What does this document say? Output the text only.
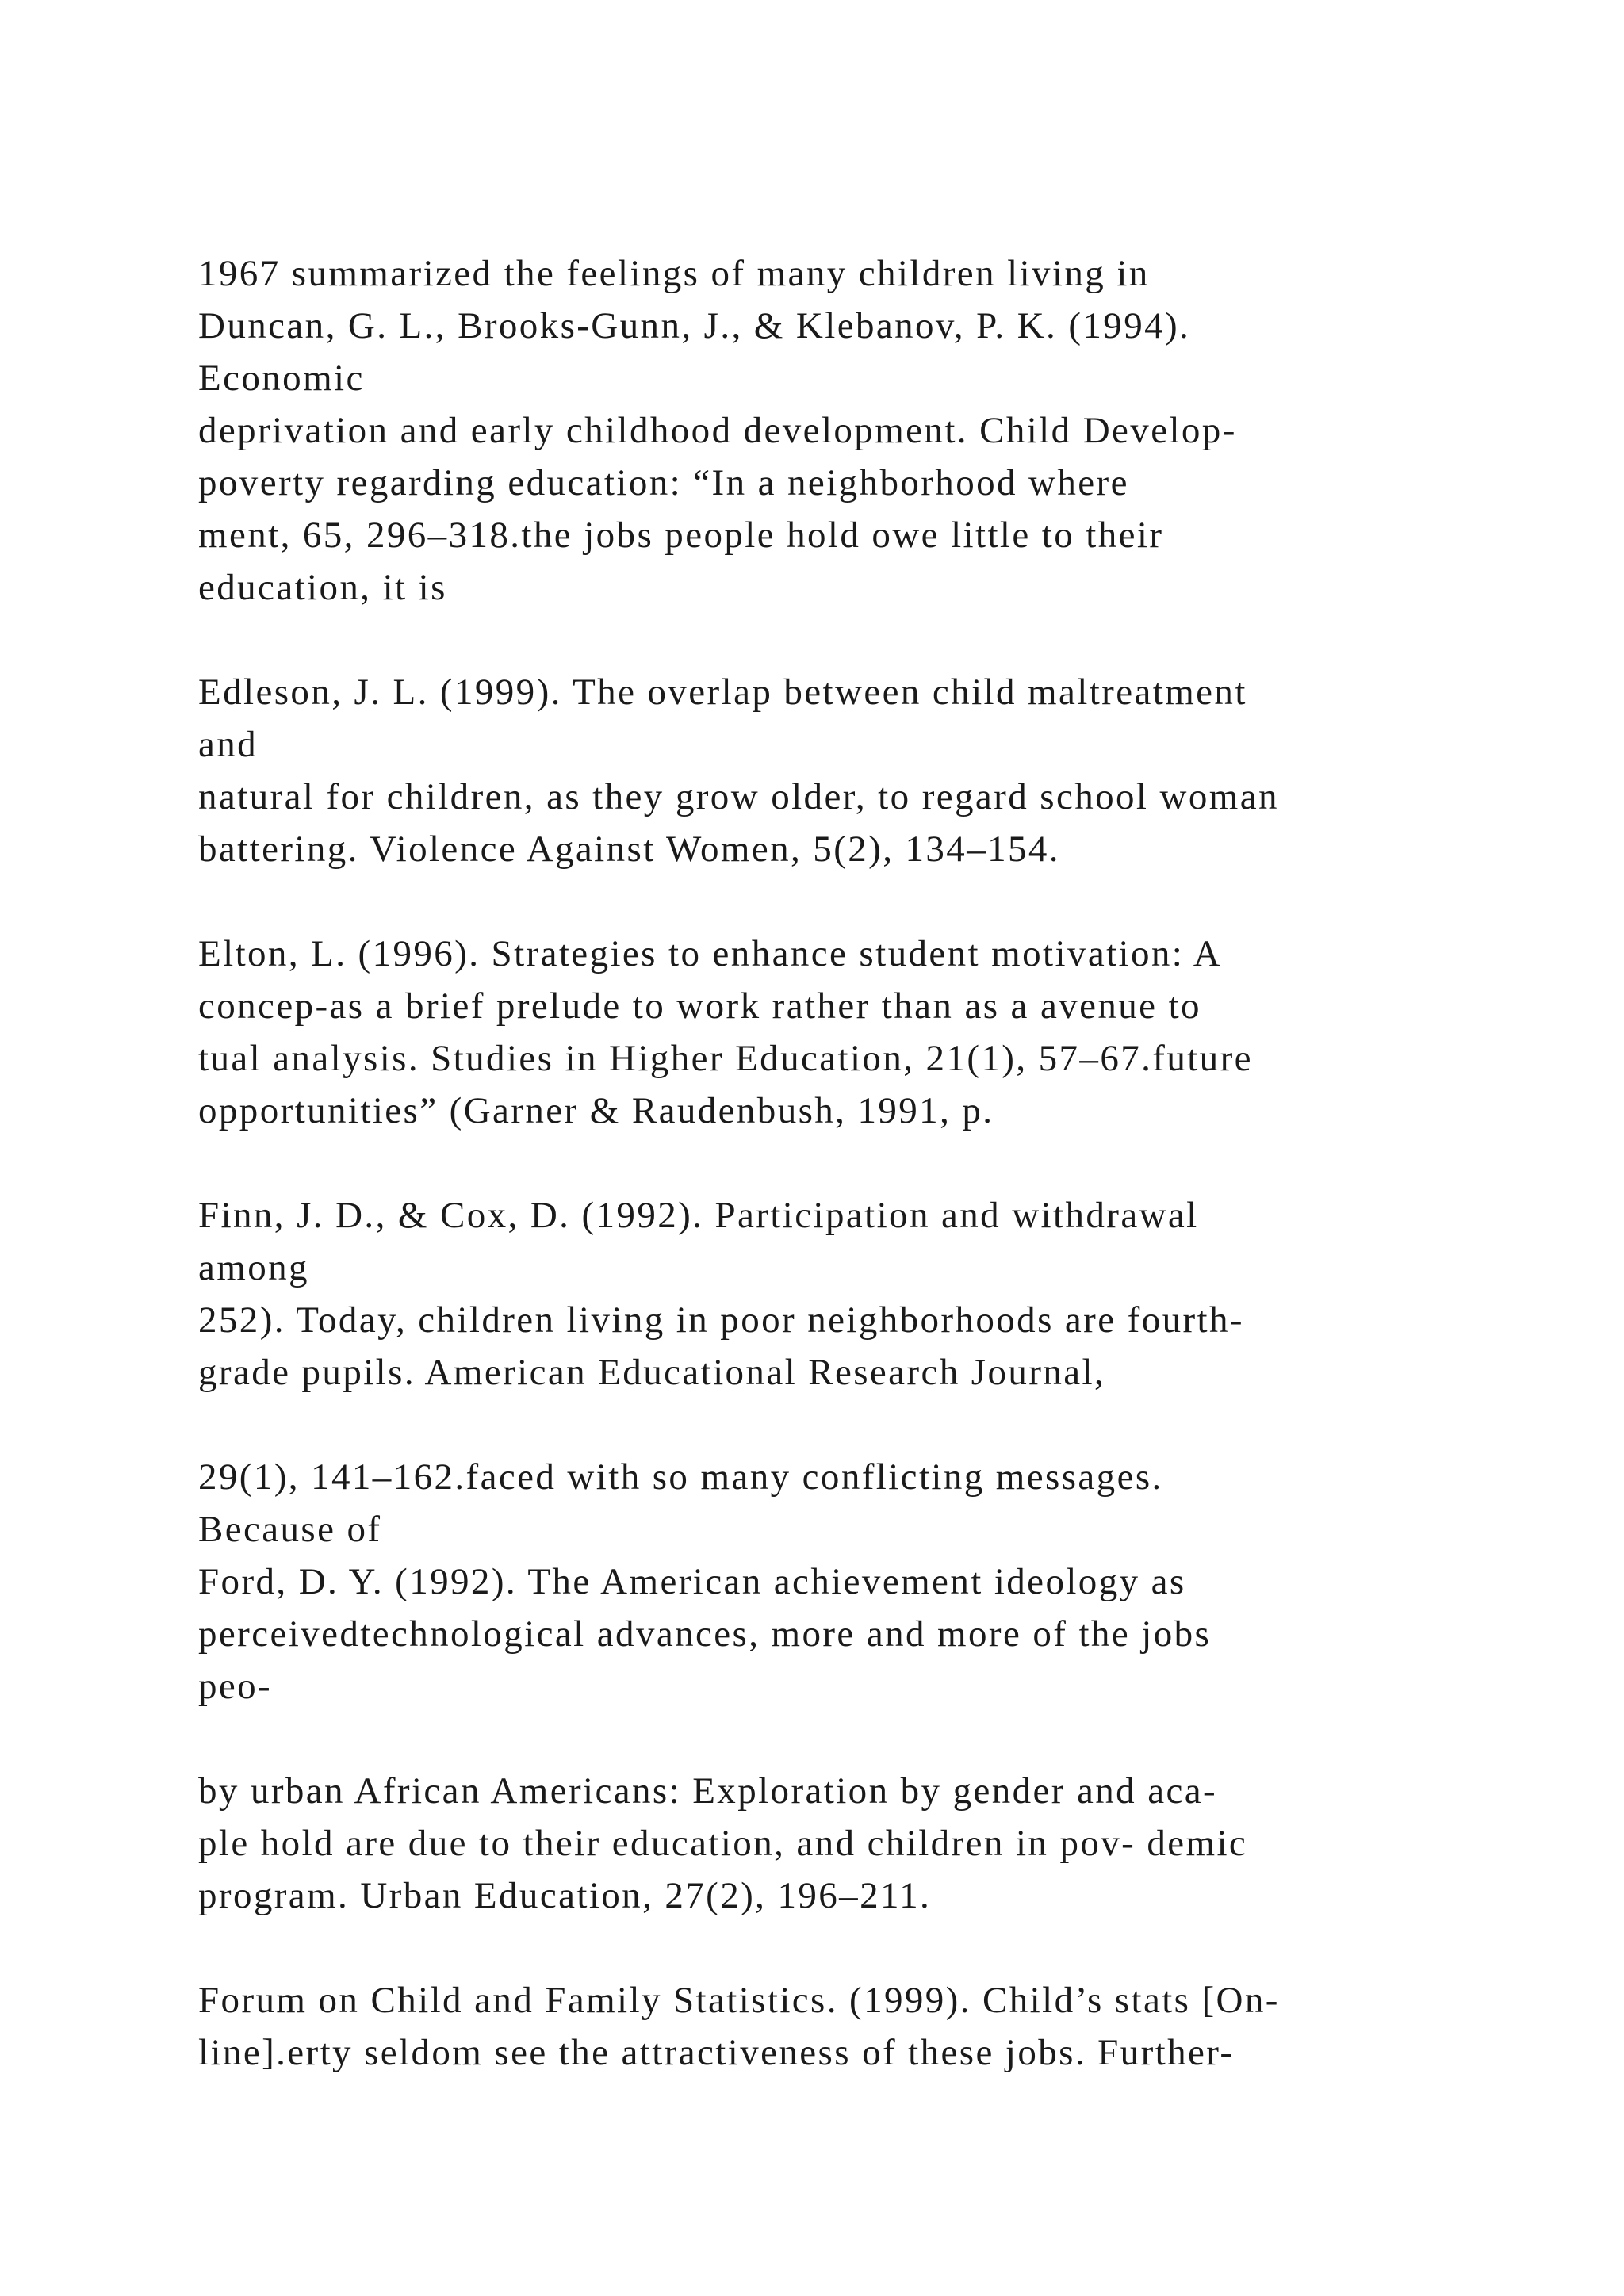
1967 summarized the feelings of many children living in
Duncan, G. L., Brooks-Gunn, J., & Klebanov, P. K. (1994).
Economic
deprivation and early childhood development. Child Develop-
poverty regarding education: “In a neighborhood where
ment, 65, 296–318.the jobs people hold owe little to their
education, it is
Edleson, J. L. (1999). The overlap between child maltreatment
and
natural for children, as they grow older, to regard school woman
battering. Violence Against Women, 5(2), 134–154.
Elton, L. (1996). Strategies to enhance student motivation: A
concep-as a brief prelude to work rather than as a avenue to
tual analysis. Studies in Higher Education, 21(1), 57–67.future
opportunities” (Garner & Raudenbush, 1991, p.
Finn, J. D., & Cox, D. (1992). Participation and withdrawal
among
252). Today, children living in poor neighborhoods are fourth-
grade pupils. American Educational Research Journal,
29(1), 141–162.faced with so many conflicting messages.
Because of
Ford, D. Y. (1992). The American achievement ideology as
perceivedtechnological advances, more and more of the jobs
peo-
by urban African Americans: Exploration by gender and aca-
ple hold are due to their education, and children in pov- demic
program. Urban Education, 27(2), 196–211.
Forum on Child and Family Statistics. (1999). Child’s stats [On-
line].erty seldom see the attractiveness of these jobs. Further-
